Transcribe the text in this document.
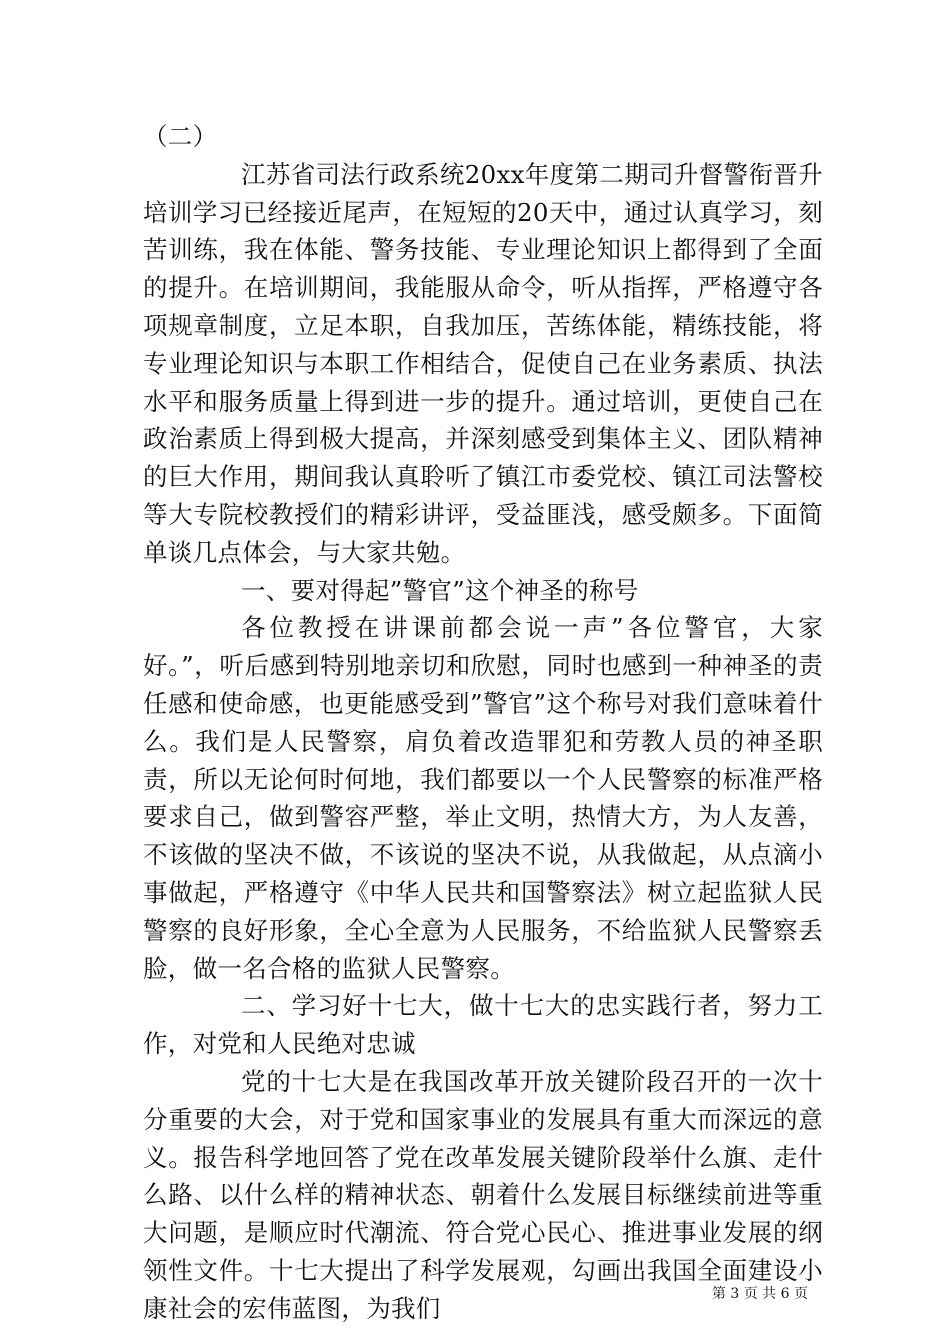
（二）

江苏省司法行政系统20xx年度第二期司升督警衔晋升培训学习已经接近尾声，在短短的20天中，通过认真学习，刻苦训练，我在体能、警务技能、专业理论知识上都得到了全面的提升。在培训期间，我能服从命令，听从指挥，严格遵守各项规章制度，立足本职，自我加压，苦练体能，精练技能，将专业理论知识与本职工作相结合，促使自己在业务素质、执法水平和服务质量上得到进一步的提升。通过培训，更使自己在政治素质上得到极大提高，并深刻感受到集体主义、团队精神的巨大作用，期间我认真聆听了镇江市委党校、镇江司法警校等大专院校教授们的精彩讲评，受益匪浅，感受颇多。下面简单谈几点体会，与大家共勉。

一、要对得起”警官”这个神圣的称号

各位教授在讲课前都会说一声”各位警官，大家好。”，听后感到特别地亲切和欣慰，同时也感到一种神圣的责任感和使命感，也更能感受到”警官”这个称号对我们意味着什么。我们是人民警察，肩负着改造罪犯和劳教人员的神圣职责，所以无论何时何地，我们都要以一个人民警察的标准严格要求自己，做到警容严整，举止文明，热情大方，为人友善，不该做的坚决不做，不该说的坚决不说，从我做起，从点滴小事做起，严格遵守《中华人民共和国警察法》树立起监狱人民警察的良好形象，全心全意为人民服务，不给监狱人民警察丢脸，做一名合格的监狱人民警察。

二、学习好十七大，做十七大的忠实践行者，努力工作，对党和人民绝对忠诚

党的十七大是在我国改革开放关键阶段召开的一次十分重要的大会，对于党和国家事业的发展具有重大而深远的意义。报告科学地回答了党在改革发展关键阶段举什么旗、走什么路、以什么样的精神状态、朝着什么发展目标继续前进等重大问题，是顺应时代潮流、符合党心民心、推进事业发展的纲领性文件。十七大提出了科学发展观，勾画出我国全面建设小康社会的宏伟蓝图，为我们	第 3 页 共 6 页
